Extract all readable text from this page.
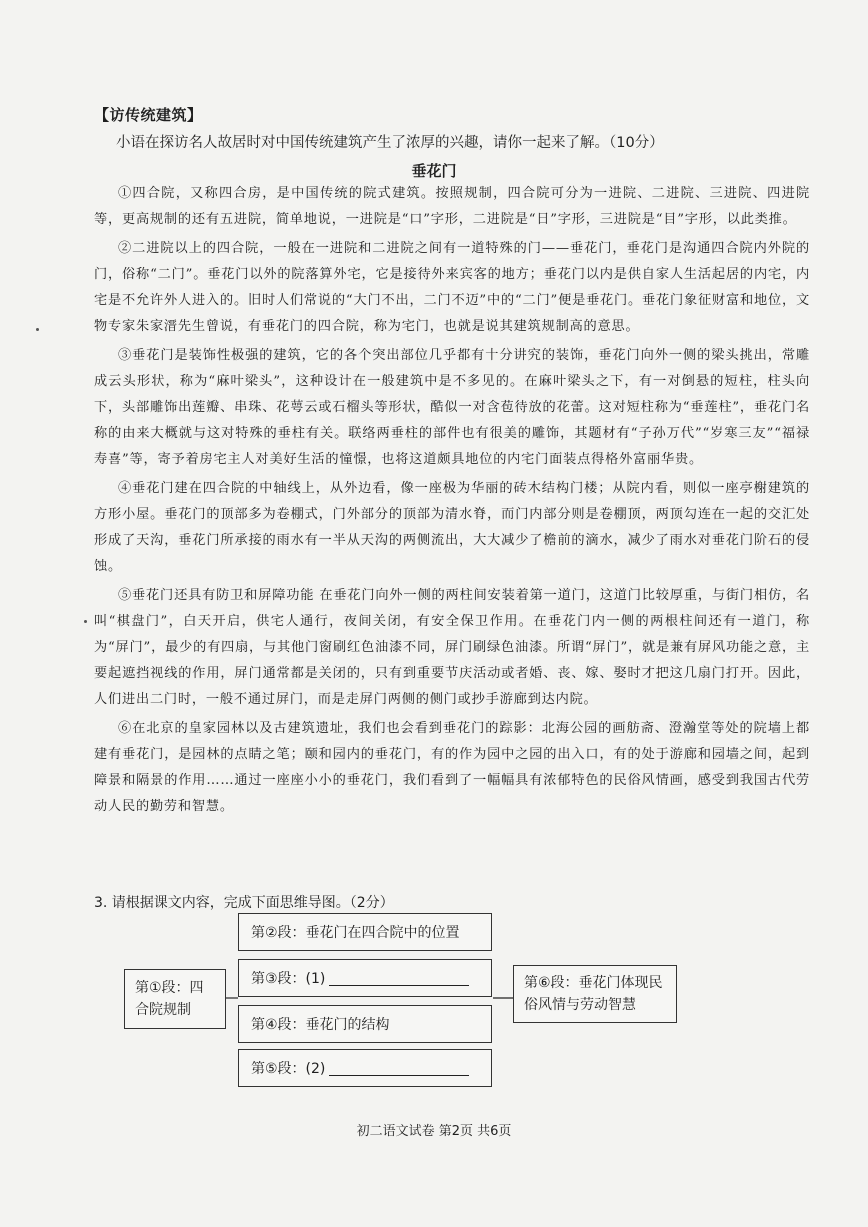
【访传统建筑】
小语在探访名人故居时对中国传统建筑产生了浓厚的兴趣，请你一起来了解。（10分）
垂花门

①四合院，又称四合房，是中国传统的院式建筑。按照规制，四合院可分为一进院、二进院、三进院、四进院等，更高规制的还有五进院，简单地说，一进院是“口”字形，二进院是“日”字形，三进院是“目”字形，以此类推。

②二进院以上的四合院，一般在一进院和二进院之间有一道特殊的门——垂花门，垂花门是沟通四合院内外院的门，俗称“二门”。垂花门以外的院落算外宅，它是接待外来宾客的地方；垂花门以内是供自家人生活起居的内宅，内宅是不允许外人进入的。旧时人们常说的“大门不出，二门不迈”中的“二门”便是垂花门。垂花门象征财富和地位，文物专家朱家溍先生曾说，有垂花门的四合院，称为宅门，也就是说其建筑规制高的意思。

③垂花门是装饰性极强的建筑，它的各个突出部位几乎都有十分讲究的装饰，垂花门向外一侧的梁头挑出，常雕成云头形状，称为“麻叶梁头”，这种设计在一般建筑中是不多见的。在麻叶梁头之下，有一对倒悬的短柱，柱头向下，头部雕饰出莲瓣、串珠、花萼云或石榴头等形状，酷似一对含苞待放的花蕾。这对短柱称为“垂莲柱”，垂花门名称的由来大概就与这对特殊的垂柱有关。联络两垂柱的部件也有很美的雕饰，其题材有“子孙万代”“岁寒三友”“福禄寿喜”等，寄予着房宅主人对美好生活的憧憬，也将这道颇具地位的内宅门面装点得格外富丽华贵。

④垂花门建在四合院的中轴线上，从外边看，像一座极为华丽的砖木结构门楼；从院内看，则似一座亭榭建筑的方形小屋。垂花门的顶部多为卷棚式，门外部分的顶部为清水脊，而门内部分则是卷棚顶，两顶勾连在一起的交汇处形成了天沟，垂花门所承接的雨水有一半从天沟的两侧流出，大大减少了檐前的滴水，减少了雨水对垂花门阶石的侵蚀。

⑤垂花门还具有防卫和屏障功能 在垂花门向外一侧的两柱间安装着第一道门，这道门比较厚重，与街门相仿，名叫“棋盘门”，白天开启，供宅人通行，夜间关闭，有安全保卫作用。在垂花门内一侧的两根柱间还有一道门，称为“屏门”，最少的有四扇，与其他门窗刷红色油漆不同，屏门刷绿色油漆。所谓“屏门”，就是兼有屏风功能之意，主要起遮挡视线的作用，屏门通常都是关闭的，只有到重要节庆活动或者婚、丧、嫁、娶时才把这几扇门打开。因此，人们进出二门时，一般不通过屏门，而是走屏门两侧的侧门或抄手游廊到达内院。

⑥在北京的皇家园林以及古建筑遗址，我们也会看到垂花门的踪影：北海公园的画舫斋、澄瀚堂等处的院墙上都建有垂花门，是园林的点睛之笔；颐和园内的垂花门，有的作为园中之园的出入口，有的处于游廊和园墙之间，起到障景和隔景的作用……通过一座座小小的垂花门，我们看到了一幅幅具有浓郁特色的民俗风情画，感受到我国古代劳动人民的勤劳和智慧。

3. 请根据课文内容，完成下面思维导图。（2分）
第②段：垂花门在四合院中的位置
第③段：(1)
第④段：垂花门的结构
第⑤段：(2)
第①段：四合院规制
第⑥段：垂花门体现民俗风情与劳动智慧
初二语文试卷 第2页 共6页
